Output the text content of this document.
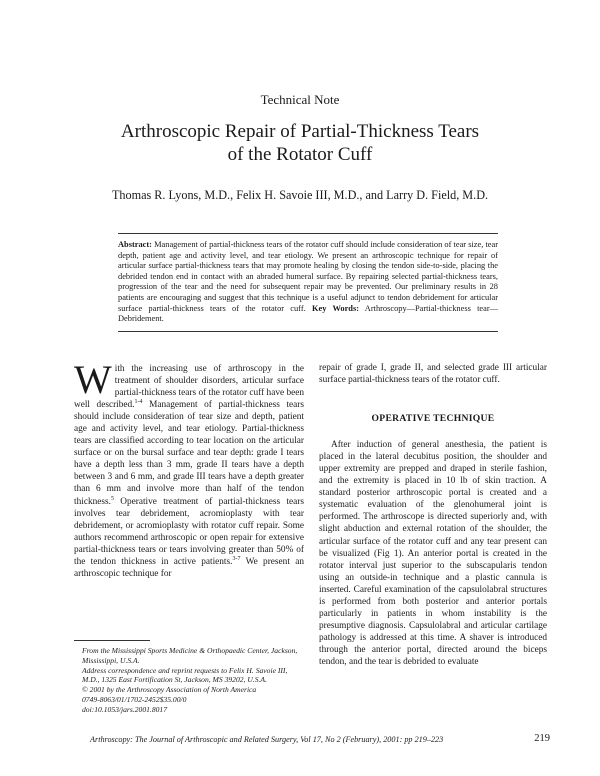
Technical Note
Arthroscopic Repair of Partial-Thickness Tears
of the Rotator Cuff
Thomas R. Lyons, M.D., Felix H. Savoie III, M.D., and Larry D. Field, M.D.
Abstract: Management of partial-thickness tears of the rotator cuff should include consideration of tear size, tear depth, patient age and activity level, and tear etiology. We present an arthroscopic technique for repair of articular surface partial-thickness tears that may promote healing by closing the tendon side-to-side, placing the debrided tendon end in contact with an abraded humeral surface. By repairing selected partial-thickness tears, progression of the tear and the need for subsequent repair may be prevented. Our preliminary results in 28 patients are encouraging and suggest that this technique is a useful adjunct to tendon debridement for articular surface partial-thickness tears of the rotator cuff. Key Words: Arthroscopy—Partial-thickness tear—Debridement.

With the increasing use of arthroscopy in the treatment of shoulder disorders, articular surface partial-thickness tears of the rotator cuff have been well described.$^{1-4}$ Management of partial-thickness tears should include consideration of tear size and depth, patient age and activity level, and tear etiology. Partial-thickness tears are classified according to tear location on the articular surface or on the bursal surface and tear depth: grade I tears have a depth less than 3 mm, grade II tears have a depth between 3 and 6 mm, and grade III tears have a depth greater than 6 mm and involve more than half of the tendon thickness.$^5$ Operative treatment of partial-thickness tears involves tear debridement, acromioplasty with tear debridement, or acromioplasty with rotator cuff repair. Some authors recommend arthroscopic or open repair for extensive partial-thickness tears or tears involving greater than 50% of the tendon thickness in active patients.$^{3-7}$ We present an arthroscopic technique for

repair of grade I, grade II, and selected grade III articular surface partial-thickness tears of the rotator cuff.

OPERATIVE TECHNIQUE

After induction of general anesthesia, the patient is placed in the lateral decubitus position, the shoulder and upper extremity are prepped and draped in sterile fashion, and the extremity is placed in 10 lb of skin traction. A standard posterior arthroscopic portal is created and a systematic evaluation of the glenohumeral joint is performed. The arthroscope is directed superiorly and, with slight abduction and external rotation of the shoulder, the articular surface of the rotator cuff and any tear present can be visualized (Fig 1). An anterior portal is created in the rotator interval just superior to the subscapularis tendon using an outside-in technique and a plastic cannula is inserted. Careful examination of the capsulolabral structures is performed from both posterior and anterior portals particularly in patients in whom instability is the presumptive diagnosis. Capsulolabral and articular cartilage pathology is addressed at this time. A shaver is introduced through the anterior portal, directed around the biceps tendon, and the tear is debrided to evaluate

From the Mississippi Sports Medicine & Orthopaedic Center, Jackson, Mississippi, U.S.A.
Address correspondence and reprint requests to Felix H. Savoie III, M.D., 1325 East Fortification St, Jackson, MS 39202, U.S.A.
© 2001 by the Arthroscopy Association of North America
0749-8063/01/1702-2452$35.00/0
doi:10.1053/jars.2001.8017
Arthroscopy: The Journal of Arthroscopic and Related Surgery, Vol 17, No 2 (February), 2001: pp 219–223	219
